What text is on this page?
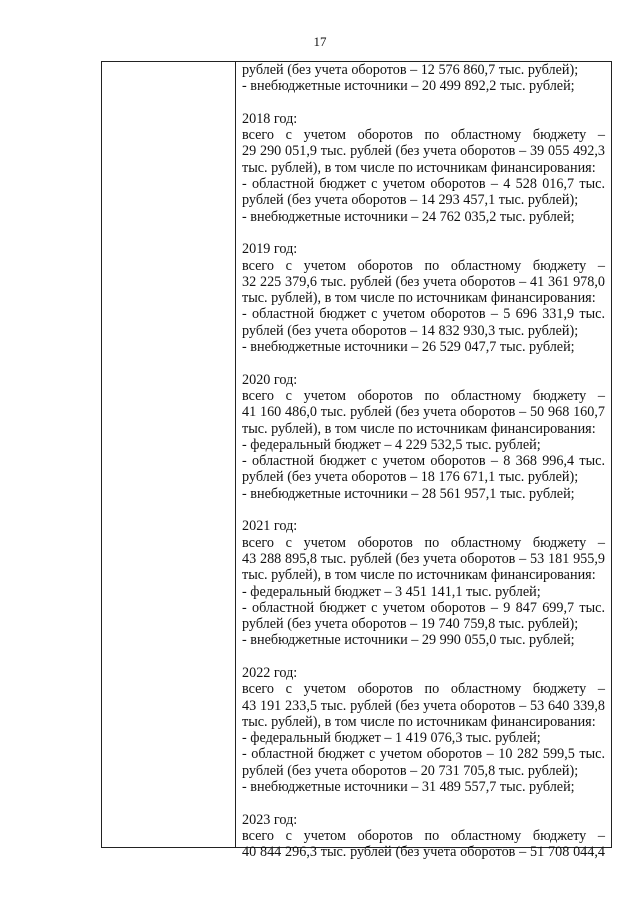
17
рублей (без учета оборотов – 12 576 860,7 тыс. рублей);
- внебюджетные источники – 20 499 892,2 тыс. рублей;
2018 год:
всего с учетом оборотов по областному бюджету –
29 290 051,9 тыс. рублей (без учета оборотов – 39 055 492,3
тыс. рублей), в том числе по источникам финансирования:
- областной бюджет с учетом оборотов – 4 528 016,7 тыс.
рублей (без учета оборотов – 14 293 457,1 тыс. рублей);
- внебюджетные источники – 24 762 035,2 тыс. рублей;
2019 год:
всего с учетом оборотов по областному бюджету –
32 225 379,6 тыс. рублей (без учета оборотов – 41 361 978,0
тыс. рублей), в том числе по источникам финансирования:
- областной бюджет с учетом оборотов – 5 696 331,9 тыс.
рублей (без учета оборотов – 14 832 930,3 тыс. рублей);
- внебюджетные источники – 26 529 047,7 тыс. рублей;
2020 год:
всего с учетом оборотов по областному бюджету –
41 160 486,0 тыс. рублей (без учета оборотов – 50 968 160,7
тыс. рублей), в том числе по источникам финансирования:
- федеральный бюджет – 4 229 532,5 тыс. рублей;
- областной бюджет с учетом оборотов – 8 368 996,4 тыс.
рублей (без учета оборотов – 18 176 671,1 тыс. рублей);
- внебюджетные источники – 28 561 957,1 тыс. рублей;
2021 год:
всего с учетом оборотов по областному бюджету –
43 288 895,8 тыс. рублей (без учета оборотов – 53 181 955,9
тыс. рублей), в том числе по источникам финансирования:
- федеральный бюджет – 3 451 141,1 тыс. рублей;
- областной бюджет с учетом оборотов – 9 847 699,7 тыс.
рублей (без учета оборотов – 19 740 759,8 тыс. рублей);
- внебюджетные источники – 29 990 055,0 тыс. рублей;
2022 год:
всего с учетом оборотов по областному бюджету –
43 191 233,5 тыс. рублей (без учета оборотов – 53 640 339,8
тыс. рублей), в том числе по источникам финансирования:
- федеральный бюджет – 1 419 076,3 тыс. рублей;
- областной бюджет с учетом оборотов – 10 282 599,5 тыс.
рублей (без учета оборотов – 20 731 705,8 тыс. рублей);
- внебюджетные источники – 31 489 557,7 тыс. рублей;
2023 год:
всего с учетом оборотов по областному бюджету –
40 844 296,3 тыс. рублей (без учета оборотов – 51 708 044,4
